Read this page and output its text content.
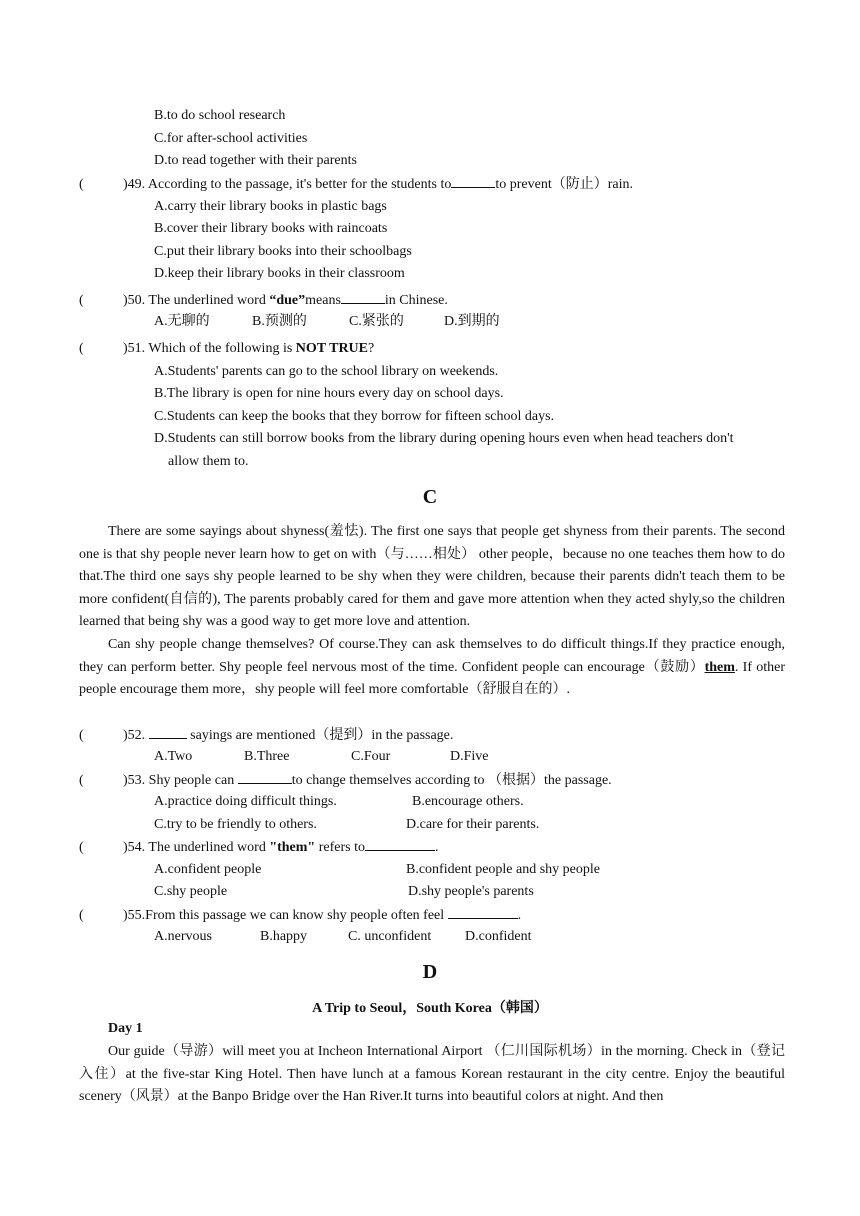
B.to do school research
C.for after-school activities
D.to read together with their parents
(	)49. According to the passage, it's better for the students to	to prevent（防止）rain.
A.carry their library books in plastic bags
B.cover their library books with raincoats
C.put their library books into their schoolbags
D.keep their library books in their classroom
(	)50. The underlined word “due”means	in Chinese.
A.无聊的	B.预测的	C.紧张的	D.到期的
(	)51. Which of the following is NOT TRUE?
A.Students' parents can go to the school library on weekends.
B.The library is open for nine hours every day on school days.
C.Students can keep the books that they borrow for fifteen school days.
D.Students can still borrow books from the library during opening hours even when head teachers don't
allow them to.
C

There are some sayings about shyness(羞怯). The first one says that people get shyness from their parents. The second one is that shy people never learn how to get on with（与……相处） other people，because no one teaches them how to do that.The third one says shy people learned to be shy when they were children, because their parents didn't teach them to be more confident(自信的), The parents probably cared for them and gave more attention when they acted shyly,so the children learned that being shy was a good way to get more love and attention.

Can shy people change themselves? Of course.They can ask themselves to do difficult things.If they practice enough, they can perform better. Shy people feel nervous most of the time. Confident people can encourage（鼓励）them. If other people encourage them more，shy people will feel more comfortable（舒服自在的）.

(	)52.	sayings are mentioned（提到）in the passage.
A.Two	B.Three	C.Four	D.Five
(	)53. Shy people can	to change themselves according to （根据）the passage.
A.practice doing difficult things.	B.encourage others.
C.try to be friendly to others.	D.care for their parents.
(	)54. The underlined word "them" refers to	.
A.confident people	B.confident people and shy people
C.shy people	D.shy people's parents
(	)55.From this passage we can know shy people often feel	.
A.nervous	B.happy	C. unconfident D.confident
D
A Trip to Seoul，South Korea（韩国）
Day 1

Our guide（导游）will meet you at Incheon International Airport （仁川国际机场）in the morning. Check in（登记入住）at the five-star King Hotel. Then have lunch at a famous Korean restaurant in the city centre. Enjoy the beautiful scenery（风景）at the Banpo Bridge over the Han River.It turns into beautiful colors at night. And then
